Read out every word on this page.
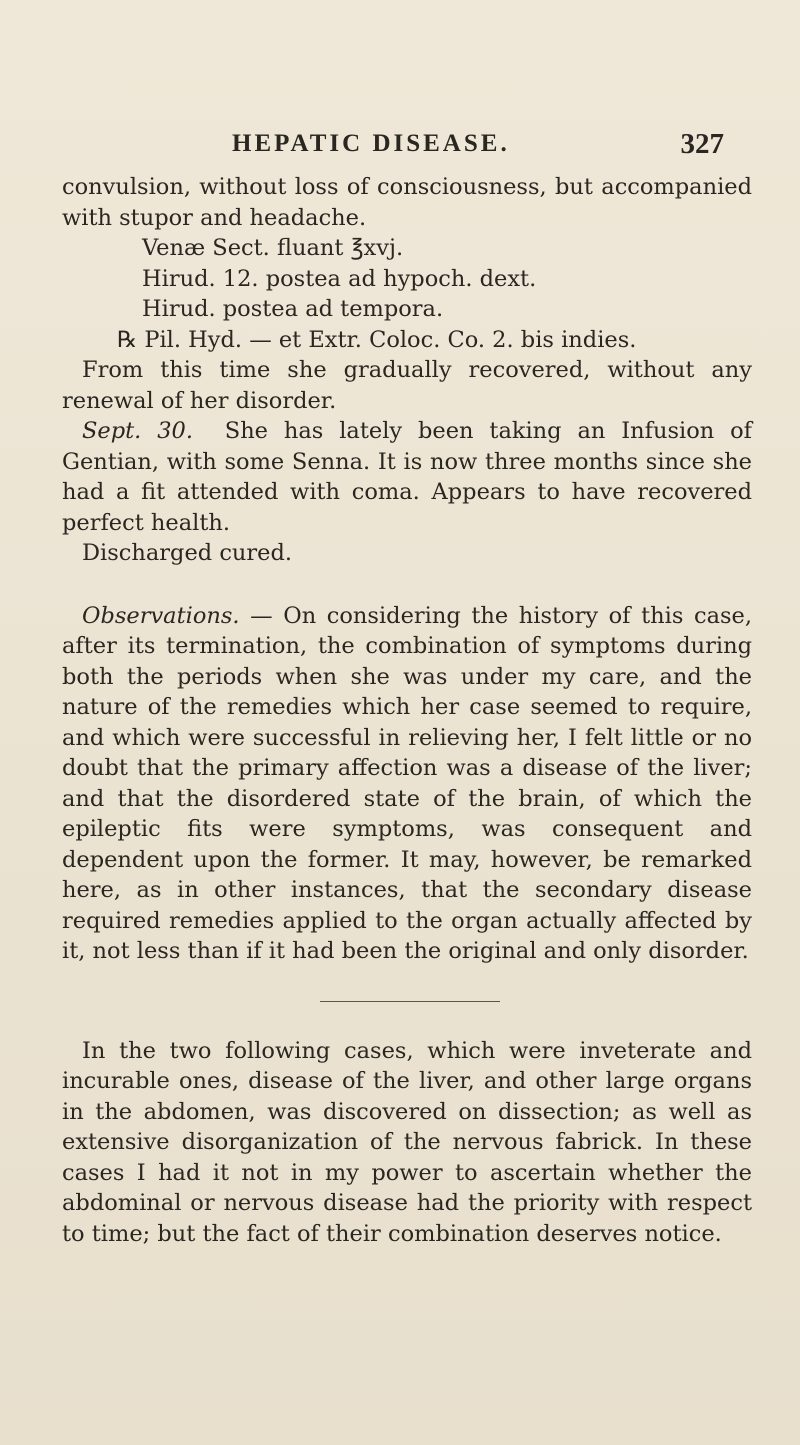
HEPATIC DISEASE.	327

convulsion, without loss of consciousness, but accompanied with stupor and headache.

Venæ Sect. fluant ℥xvj.

Hirud. 12. postea ad hypoch. dext.

Hirud. postea ad tempora.

℞ Pil. Hyd. — et Extr. Coloc. Co. 2. bis indies.

From this time she gradually recovered, without any renewal of her disorder.

Sept. 30. She has lately been taking an Infusion of Gentian, with some Senna. It is now three months since she had a fit attended with coma. Appears to have recovered perfect health.

Discharged cured.

Observations. — On considering the history of this case, after its termination, the combination of symptoms during both the periods when she was under my care, and the nature of the remedies which her case seemed to require, and which were successful in relieving her, I felt little or no doubt that the primary affection was a disease of the liver; and that the disordered state of the brain, of which the epileptic fits were symptoms, was consequent and dependent upon the former. It may, however, be remarked here, as in other instances, that the secondary disease required remedies applied to the organ actually affected by it, not less than if it had been the original and only disorder.

In the two following cases, which were inveterate and incurable ones, disease of the liver, and other large organs in the abdomen, was discovered on dissection; as well as extensive disorganization of the nervous fabrick. In these cases I had it not in my power to ascertain whether the abdominal or nervous disease had the priority with respect to time; but the fact of their combination deserves notice.
